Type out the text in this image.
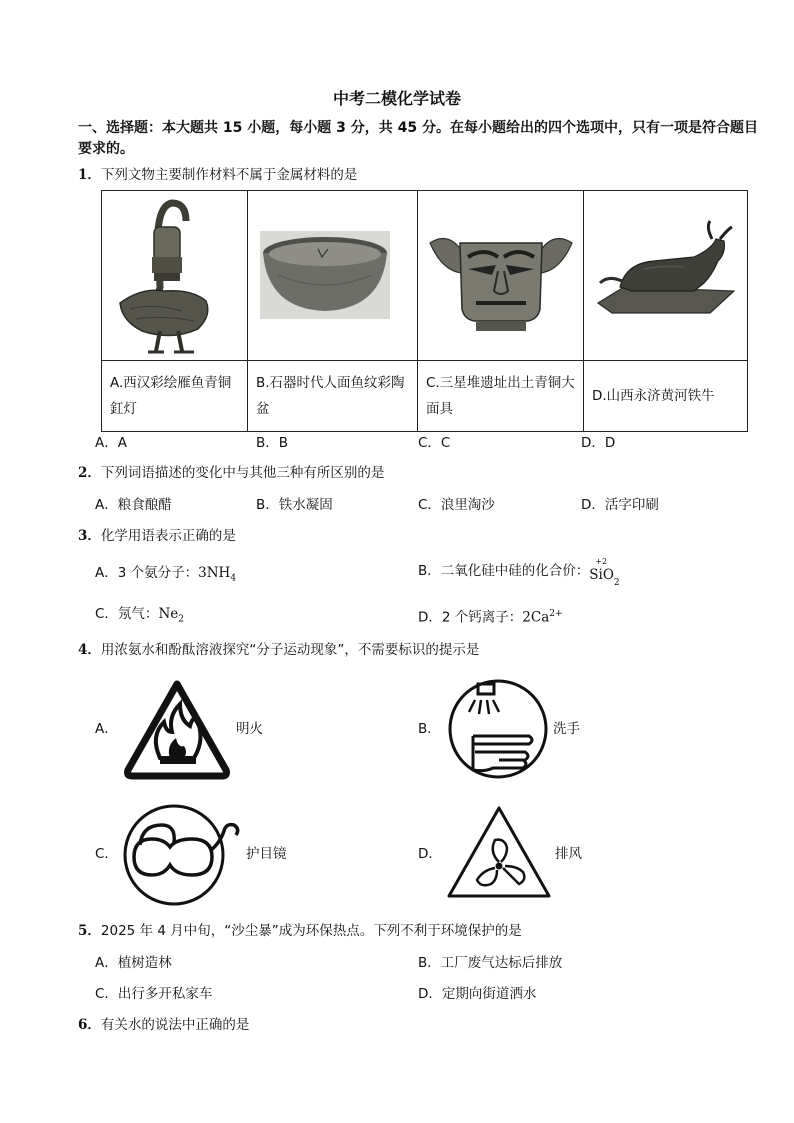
中考二模化学试卷
一、选择题：本大题共 15 小题，每小题 3 分，共 45 分。在每小题给出的四个选项中，只有一项是符合题目要求的。
1．下列文物主要制作材料不属于金属材料的是

A.西汉彩绘雁鱼青铜釭灯	B.石器时代人面鱼纹彩陶盆	C.三星堆遗址出土青铜大面具	D.山西永济黄河铁牛
A．A	B．B	C．C	D．D
2．下列词语描述的变化中与其他三种有所区别的是
A．粮食酿醋	B．铁水凝固	C．浪里淘沙	D．活字印刷
3．化学用语表示正确的是
A．3 个氨分子：$3NH_4$	B．二氧化硅中硅的化合价：
+2
SiO$_2$
C．氖气：$Ne_2$	D．2 个钙离子：$2Ca^{2+}$
4．用浓氨水和酚酞溶液探究“分子运动现象”，不需要标识的提示是
A．	明火	B．	洗手
C．	护目镜	D．	排风
5．2025 年 4 月中旬，“沙尘暴”成为环保热点。下列不利于环境保护的是
A．植树造林	B．工厂废气达标后排放
C．出行多开私家车	D．定期向街道洒水
6．有关水的说法中正确的是
